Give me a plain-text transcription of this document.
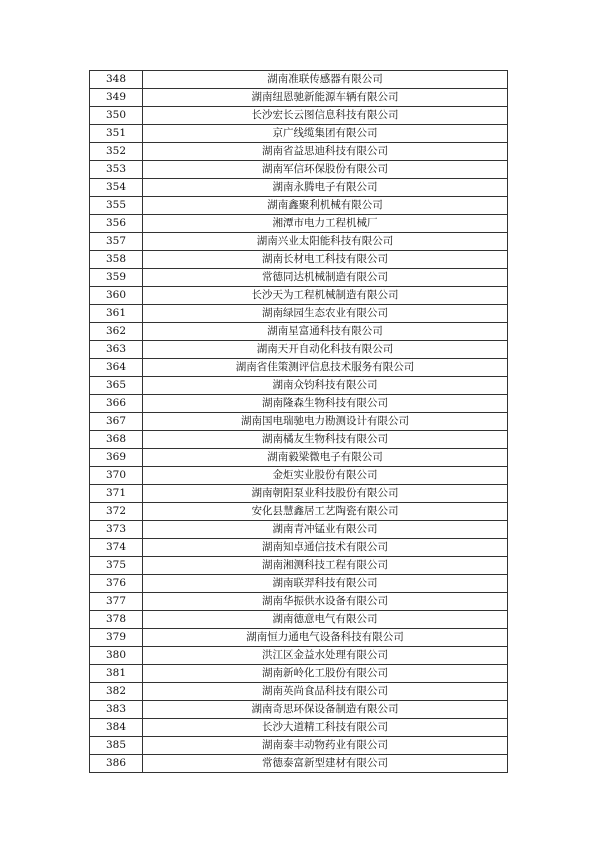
348	湖南准联传感器有限公司
349	湖南纽恩驰新能源车辆有限公司
350	长沙宏长云图信息科技有限公司
351	京广线缆集团有限公司
352	湖南省益思迪科技有限公司
353	湖南军信环保股份有限公司
354	湖南永腾电子有限公司
355	湖南鑫聚利机械有限公司
356	湘潭市电力工程机械厂
357	湖南兴业太阳能科技有限公司
358	湖南长材电工科技有限公司
359	常德同达机械制造有限公司
360	长沙天为工程机械制造有限公司
361	湖南绿园生态农业有限公司
362	湖南星富通科技有限公司
363	湖南天开自动化科技有限公司
364	湖南省佳策测评信息技术服务有限公司
365	湖南众钧科技有限公司
366	湖南隆森生物科技有限公司
367	湖南国电瑞驰电力勘测设计有限公司
368	湖南橘友生物科技有限公司
369	湖南毅梁微电子有限公司
370	金炬实业股份有限公司
371	湖南朝阳泵业科技股份有限公司
372	安化县慧鑫居工艺陶瓷有限公司
373	湖南青冲锰业有限公司
374	湖南知卓通信技术有限公司
375	湖南湘测科技工程有限公司
376	湖南联羿科技有限公司
377	湖南华振供水设备有限公司
378	湖南德意电气有限公司
379	湖南恒力通电气设备科技有限公司
380	洪江区金益水处理有限公司
381	湖南新岭化工股份有限公司
382	湖南英尚食品科技有限公司
383	湖南奇思环保设备制造有限公司
384	长沙大道精工科技有限公司
385	湖南泰丰动物药业有限公司
386	常德泰富新型建材有限公司
